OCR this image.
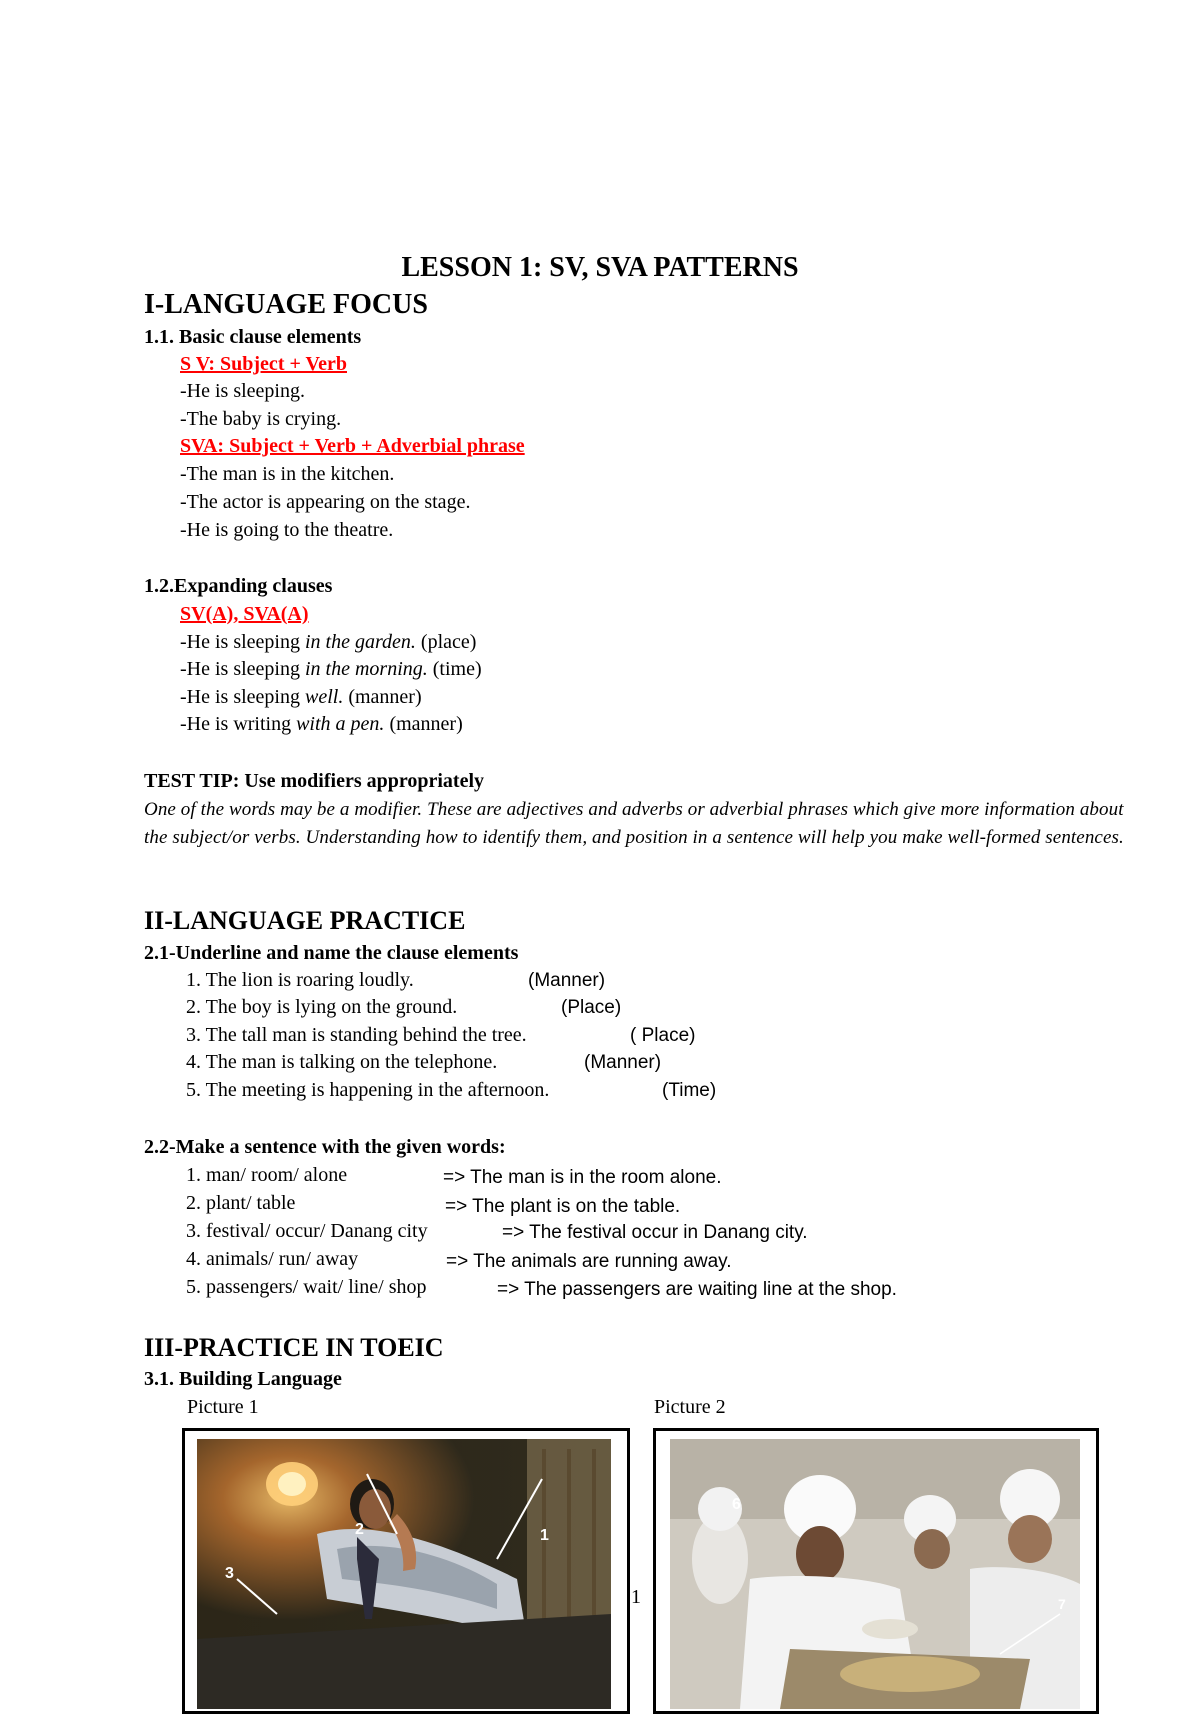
LESSON 1: SV, SVA PATTERNS
I-LANGUAGE FOCUS
1.1. Basic clause elements
S V: Subject + Verb
-He is sleeping.
-The baby is crying.
SVA: Subject + Verb + Adverbial phrase
-The man is in the kitchen.
-The actor is appearing on the stage.
-He is going to the theatre.
1.2.Expanding clauses
SV(A), SVA(A)
-He is sleeping in the garden. (place)
-He is sleeping in the morning. (time)
-He is sleeping well. (manner)
-He is writing with a pen. (manner)
TEST TIP: Use modifiers appropriately
One of the words may be a modifier. These are adjectives and adverbs or adverbial phrases which give more information about the subject/or verbs. Understanding how to identify them, and position in a sentence will help you make well-formed sentences.
II-LANGUAGE PRACTICE
2.1-Underline and name the clause elements
1. The lion is roaring loudly.	(Manner)
2. The boy is lying on the ground.	(Place)
3. The tall man is standing behind the tree.	( Place)
4. The man is talking on the telephone.	(Manner)
5. The meeting is happening in the afternoon.	(Time)
2.2-Make a sentence with the given words:
1. man/ room/ alone	=> The man is in the room alone.
2. plant/ table	=> The plant is on the table.
3. festival/ occur/ Danang city	=> The festival occur in Danang city.
4. animals/ run/ away	=> The animals are running away.
5. passengers/ wait/ line/ shop	=> The passengers are waiting line at the shop.
III-PRACTICE IN TOEIC
3.1. Building Language
Picture 1	Picture 2
3
2	1
6
7
1
